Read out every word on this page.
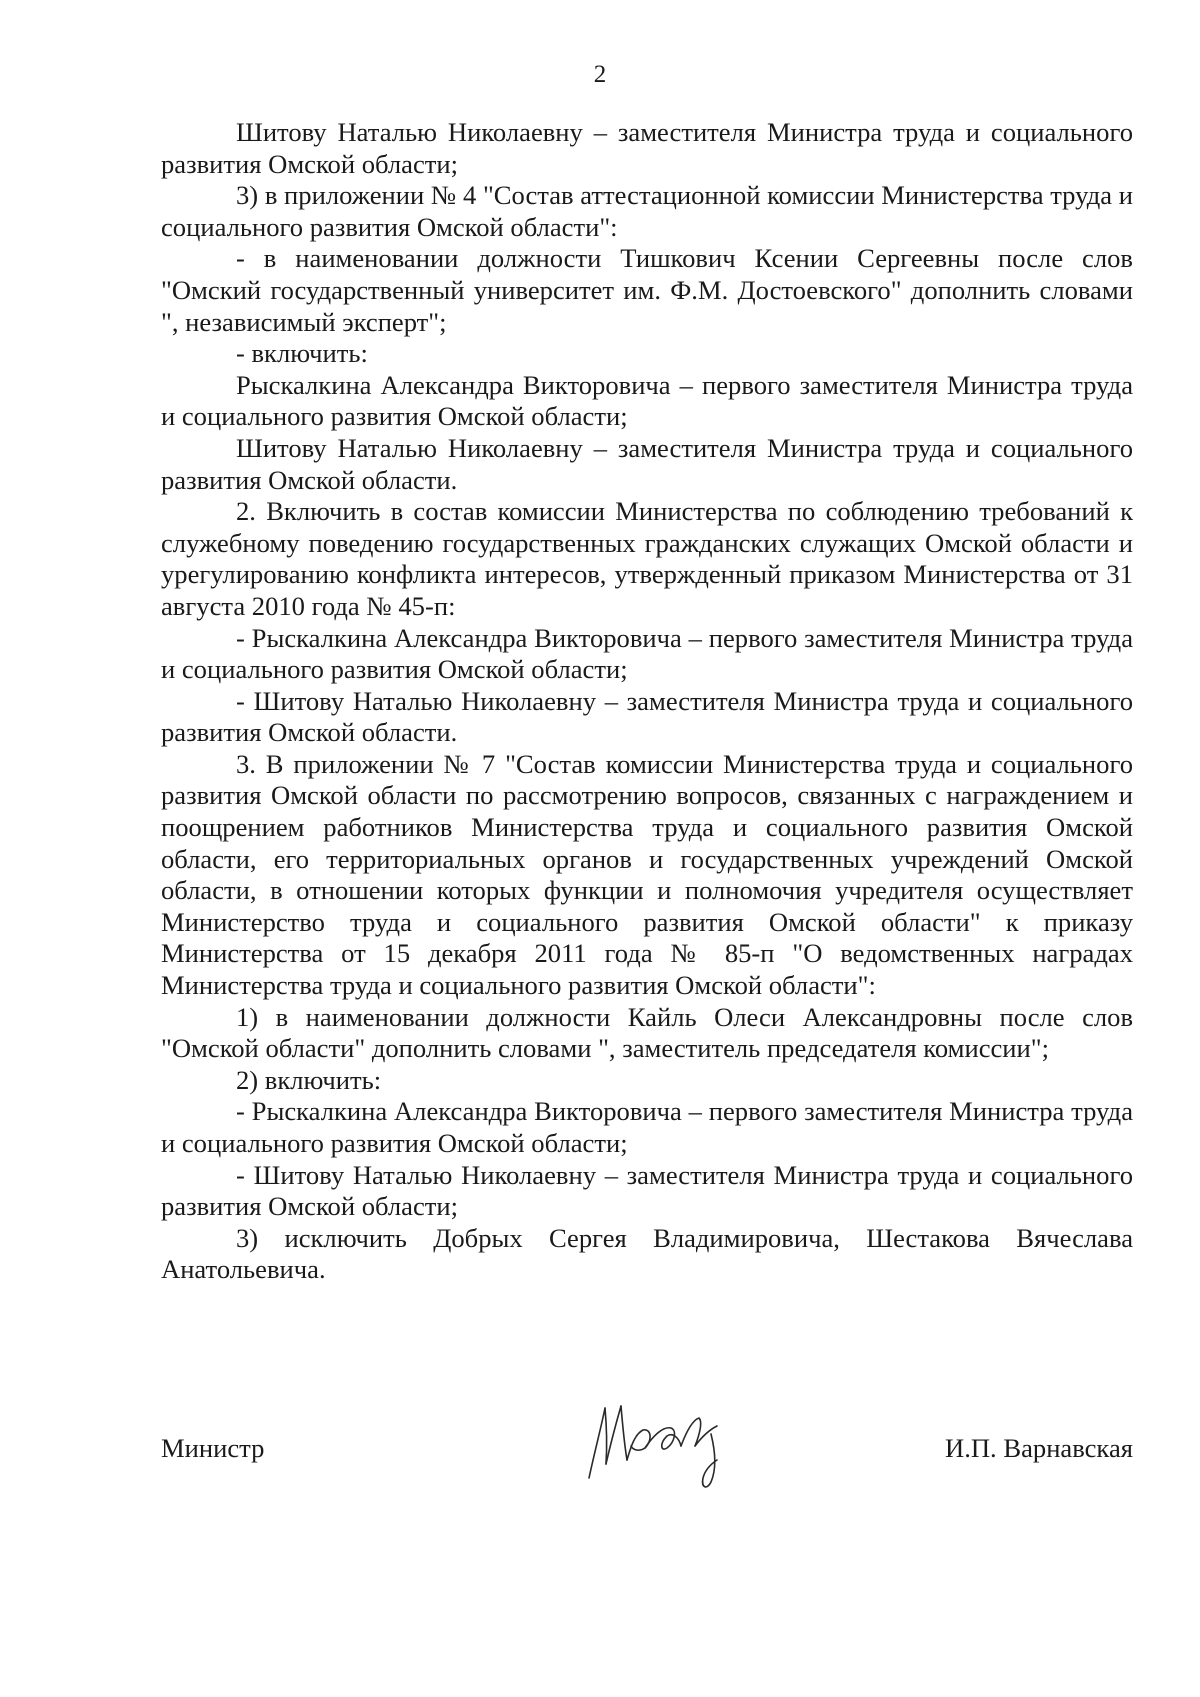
2

Шитову Наталью Николаевну – заместителя Министра труда и социального развития Омской области;

3) в приложении № 4 "Состав аттестационной комиссии Министерства труда и социального развития Омской области":

- в наименовании должности Тишкович Ксении Сергеевны после слов "Омский государственный университет им. Ф.М. Достоевского" дополнить словами ", независимый эксперт";

- включить:

Рыскалкина Александра Викторовича – первого заместителя Министра труда и социального развития Омской области;

Шитову Наталью Николаевну – заместителя Министра труда и социального развития Омской области.

2. Включить в состав комиссии Министерства по соблюдению требований к служебному поведению государственных гражданских служащих Омской области и урегулированию конфликта интересов, утвержденный приказом Министерства от 31 августа 2010 года № 45-п:

- Рыскалкина Александра Викторовича – первого заместителя Министра труда и социального развития Омской области;

- Шитову Наталью Николаевну – заместителя Министра труда и социального развития Омской области.

3. В приложении № 7 "Состав комиссии Министерства труда и социального развития Омской области по рассмотрению вопросов, связанных с награждением и поощрением работников Министерства труда и социального развития Омской области, его территориальных органов и государственных учреждений Омской области, в отношении которых функции и полномочия учредителя осуществляет Министерство труда и социального развития Омской области" к приказу Министерства от 15 декабря 2011 года № 85-п "О ведомственных наградах Министерства труда и социального развития Омской области":

1) в наименовании должности Кайль Олеси Александровны после слов "Омской области" дополнить словами ", заместитель председателя комиссии";

2) включить:

- Рыскалкина Александра Викторовича – первого заместителя Министра труда и социального развития Омской области;

- Шитову Наталью Николаевну – заместителя Министра труда и социального развития Омской области;

3) исключить Добрых Сергея Владимировича, Шестакова Вячеслава Анатольевича.

Министр	И.П. Варнавская
